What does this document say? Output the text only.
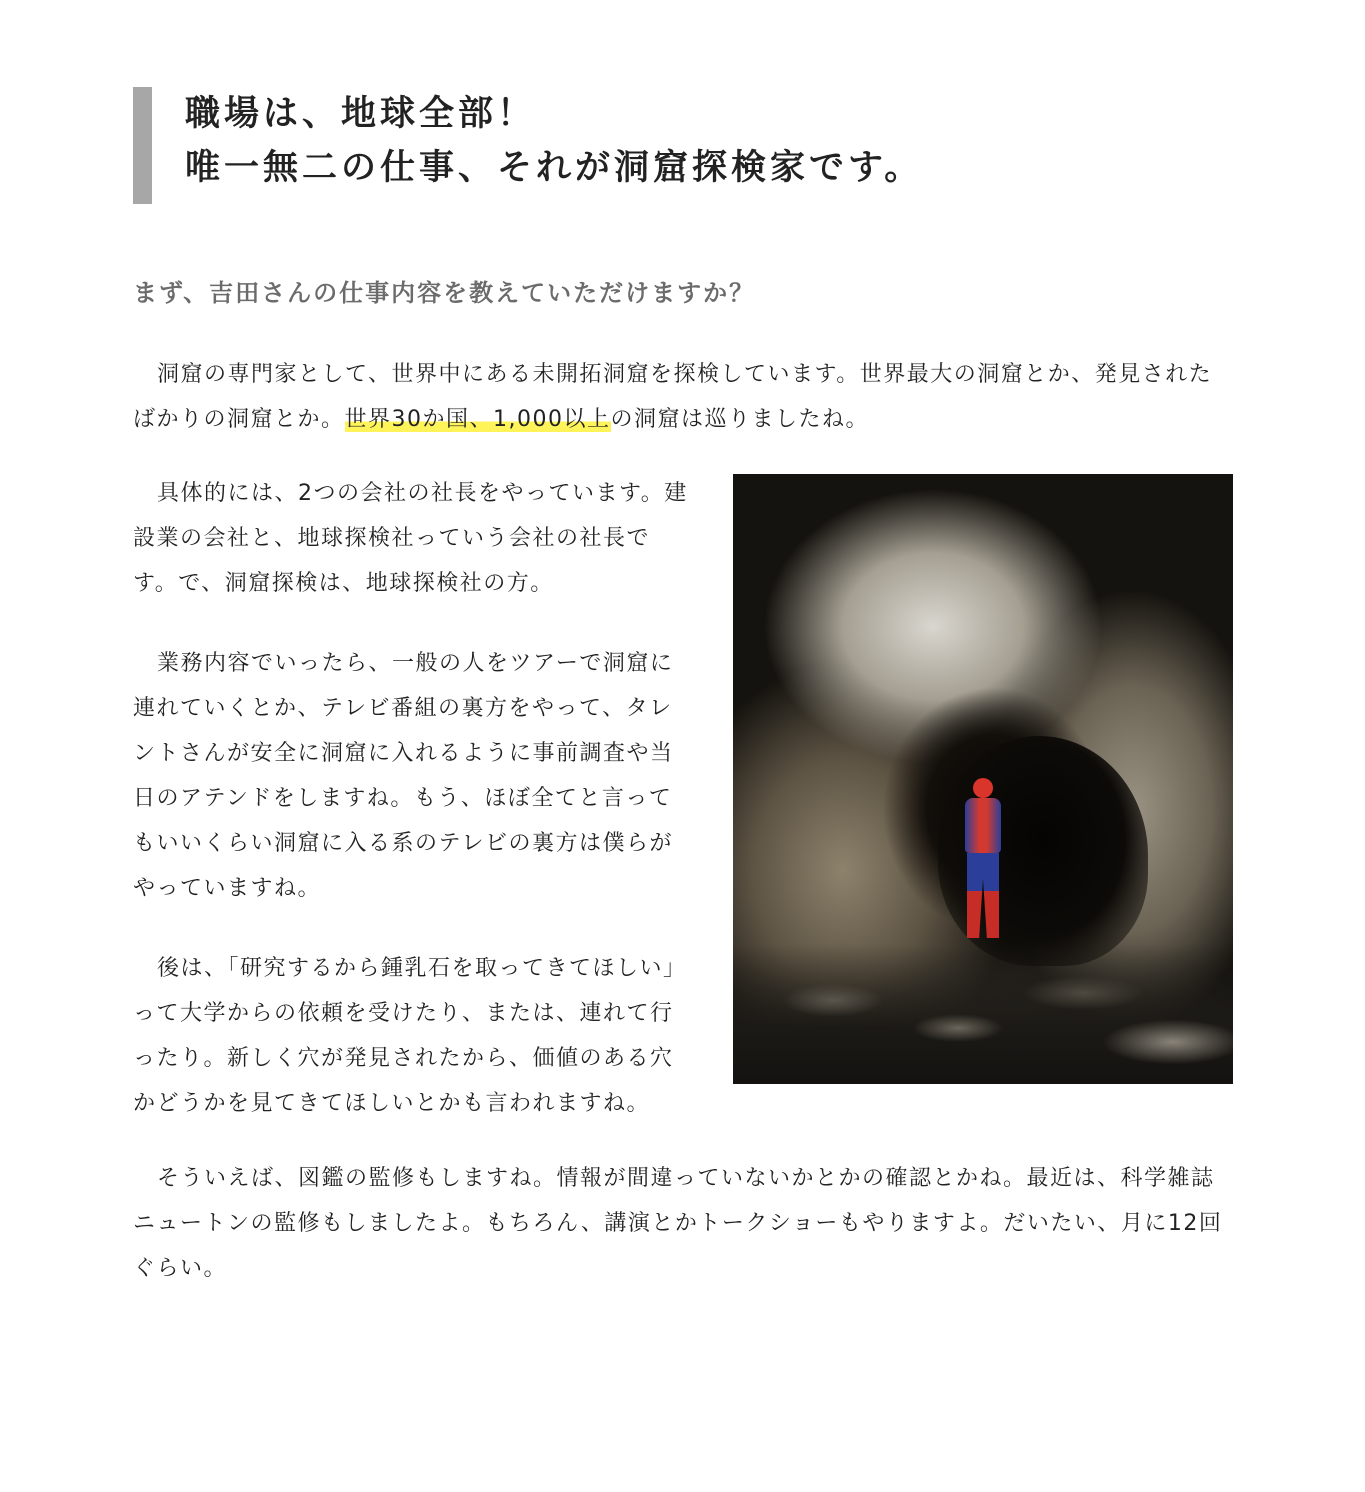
職場は、地球全部！
唯一無二の仕事、それが洞窟探検家です。
まず、吉田さんの仕事内容を教えていただけますか？

洞窟の専門家として、世界中にある未開拓洞窟を探検しています。世界最大の洞窟とか、発見されたばかりの洞窟とか。世界30か国、1,000以上の洞窟は巡りましたね。

具体的には、2つの会社の社長をやっています。建設業の会社と、地球探検社っていう会社の社長です。で、洞窟探検は、地球探検社の方。

業務内容でいったら、一般の人をツアーで洞窟に連れていくとか、テレビ番組の裏方をやって、タレントさんが安全に洞窟に入れるように事前調査や当日のアテンドをしますね。もう、ほぼ全てと言ってもいいくらい洞窟に入る系のテレビの裏方は僕らがやっていますね。

後は、「研究するから鍾乳石を取ってきてほしい」って大学からの依頼を受けたり、または、連れて行ったり。新しく穴が発見されたから、価値のある穴かどうかを見てきてほしいとかも言われますね。

そういえば、図鑑の監修もしますね。情報が間違っていないかとかの確認とかね。最近は、科学雑誌ニュートンの監修もしましたよ。もちろん、講演とかトークショーもやりますよ。だいたい、月に12回ぐらい。
